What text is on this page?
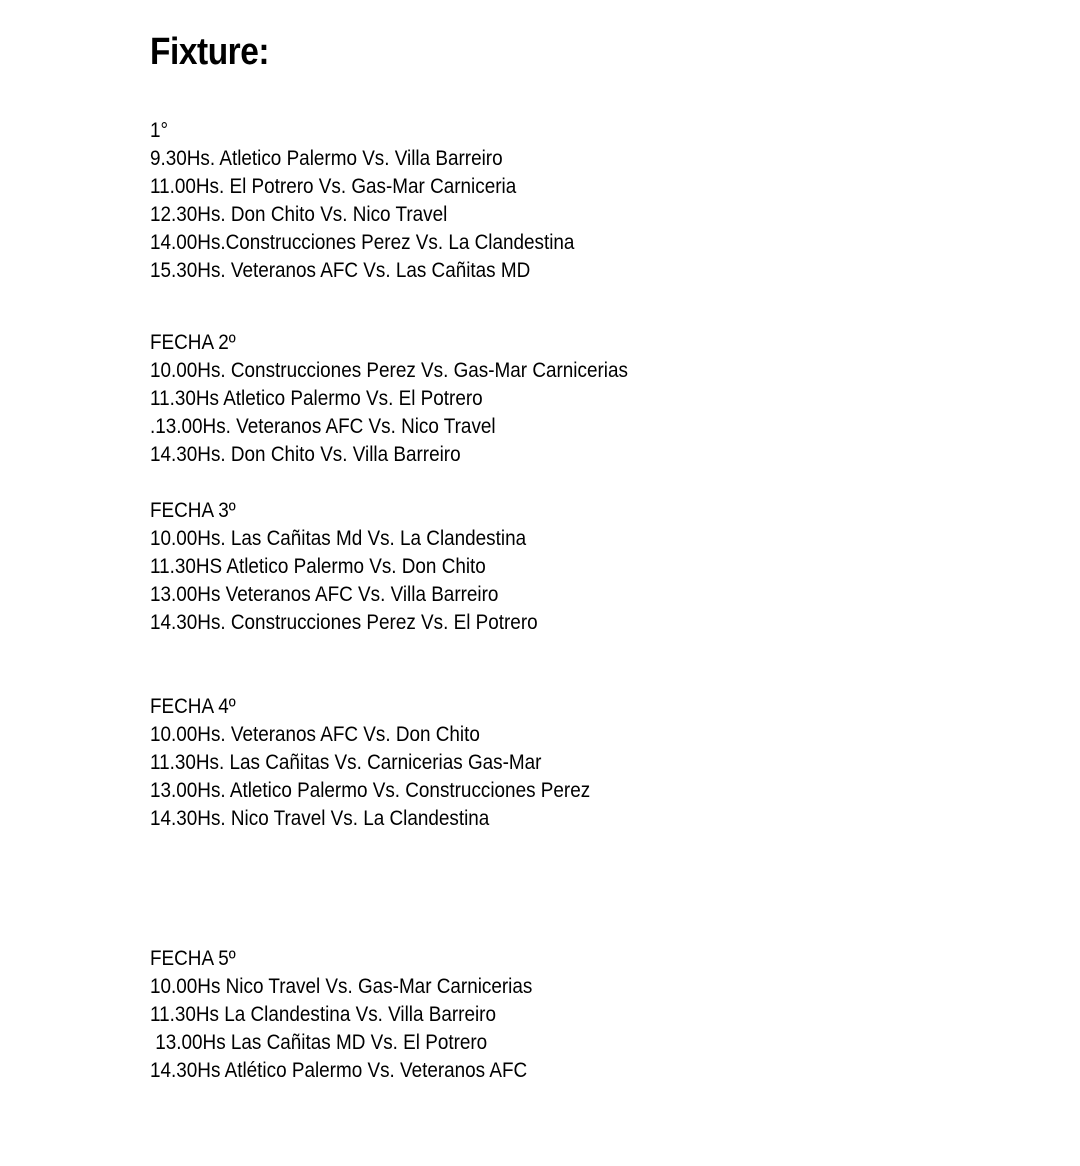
Fixture:
1°
9.30Hs. Atletico Palermo Vs. Villa Barreiro
11.00Hs. El Potrero Vs. Gas-Mar Carniceria
12.30Hs. Don Chito Vs. Nico Travel
14.00Hs.Construcciones Perez Vs. La Clandestina
15.30Hs. Veteranos AFC Vs. Las Cañitas MD
FECHA 2º
10.00Hs. Construcciones Perez Vs. Gas-Mar Carnicerias
11.30Hs Atletico Palermo Vs. El Potrero
.13.00Hs. Veteranos AFC Vs. Nico Travel
14.30Hs. Don Chito Vs. Villa Barreiro
FECHA 3º
10.00Hs. Las Cañitas Md Vs. La Clandestina
11.30HS Atletico Palermo Vs. Don Chito
13.00Hs Veteranos AFC Vs. Villa Barreiro
14.30Hs. Construcciones Perez Vs. El Potrero
FECHA 4º
10.00Hs. Veteranos AFC Vs. Don Chito
11.30Hs. Las Cañitas Vs. Carnicerias Gas-Mar
13.00Hs. Atletico Palermo Vs. Construcciones Perez
14.30Hs. Nico Travel Vs. La Clandestina
FECHA 5º
10.00Hs Nico Travel Vs. Gas-Mar Carnicerias
11.30Hs La Clandestina Vs. Villa Barreiro
13.00Hs Las Cañitas MD Vs. El Potrero
14.30Hs Atlético Palermo Vs. Veteranos AFC
